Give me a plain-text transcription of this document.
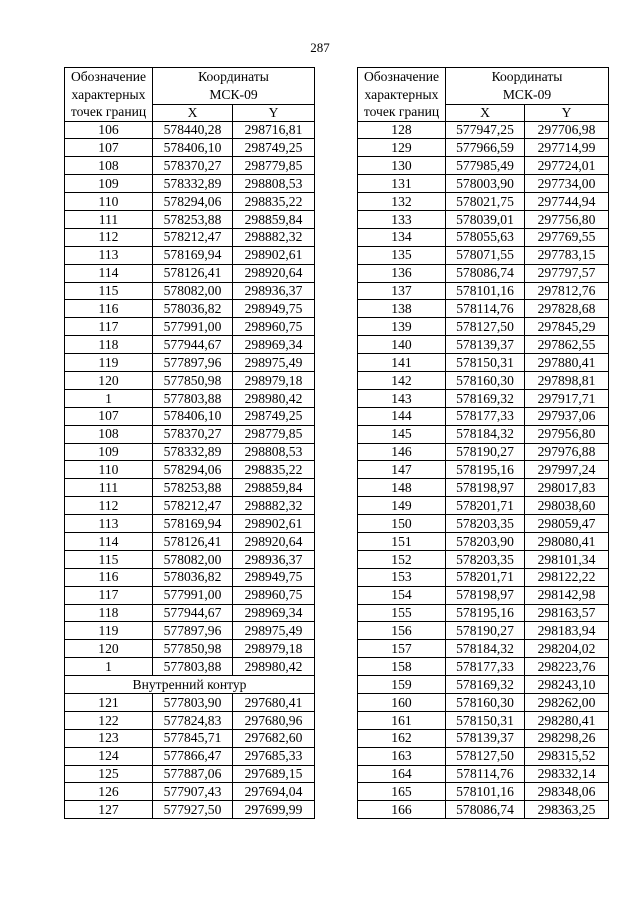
287
Обозначение
характерных
точек границ	Координаты
МСК-09	

	X	Y
106	578440,28	298716,81
107	578406,10	298749,25
108	578370,27	298779,85
109	578332,89	298808,53
110	578294,06	298835,22
111	578253,88	298859,84
112	578212,47	298882,32
113	578169,94	298902,61
114	578126,41	298920,64
115	578082,00	298936,37
116	578036,82	298949,75
117	577991,00	298960,75
118	577944,67	298969,34
119	577897,96	298975,49
120	577850,98	298979,18
1	577803,88	298980,42
107	578406,10	298749,25
108	578370,27	298779,85
109	578332,89	298808,53
110	578294,06	298835,22
111	578253,88	298859,84
112	578212,47	298882,32
113	578169,94	298902,61
114	578126,41	298920,64
115	578082,00	298936,37
116	578036,82	298949,75
117	577991,00	298960,75
118	577944,67	298969,34
119	577897,96	298975,49
120	577850,98	298979,18
1	577803,88	298980,42
Внутренний контур		
121	577803,90	297680,41
122	577824,83	297680,96
123	577845,71	297682,60
124	577866,47	297685,33
125	577887,06	297689,15
126	577907,43	297694,04
127	577927,50	297699,99
Обозначение
характерных
точек границ	Координаты
МСК-09	

	X	Y
128	577947,25	297706,98
129	577966,59	297714,99
130	577985,49	297724,01
131	578003,90	297734,00
132	578021,75	297744,94
133	578039,01	297756,80
134	578055,63	297769,55
135	578071,55	297783,15
136	578086,74	297797,57
137	578101,16	297812,76
138	578114,76	297828,68
139	578127,50	297845,29
140	578139,37	297862,55
141	578150,31	297880,41
142	578160,30	297898,81
143	578169,32	297917,71
144	578177,33	297937,06
145	578184,32	297956,80
146	578190,27	297976,88
147	578195,16	297997,24
148	578198,97	298017,83
149	578201,71	298038,60
150	578203,35	298059,47
151	578203,90	298080,41
152	578203,35	298101,34
153	578201,71	298122,22
154	578198,97	298142,98
155	578195,16	298163,57
156	578190,27	298183,94
157	578184,32	298204,02
158	578177,33	298223,76
159	578169,32	298243,10
160	578160,30	298262,00
161	578150,31	298280,41
162	578139,37	298298,26
163	578127,50	298315,52
164	578114,76	298332,14
165	578101,16	298348,06
166	578086,74	298363,25
